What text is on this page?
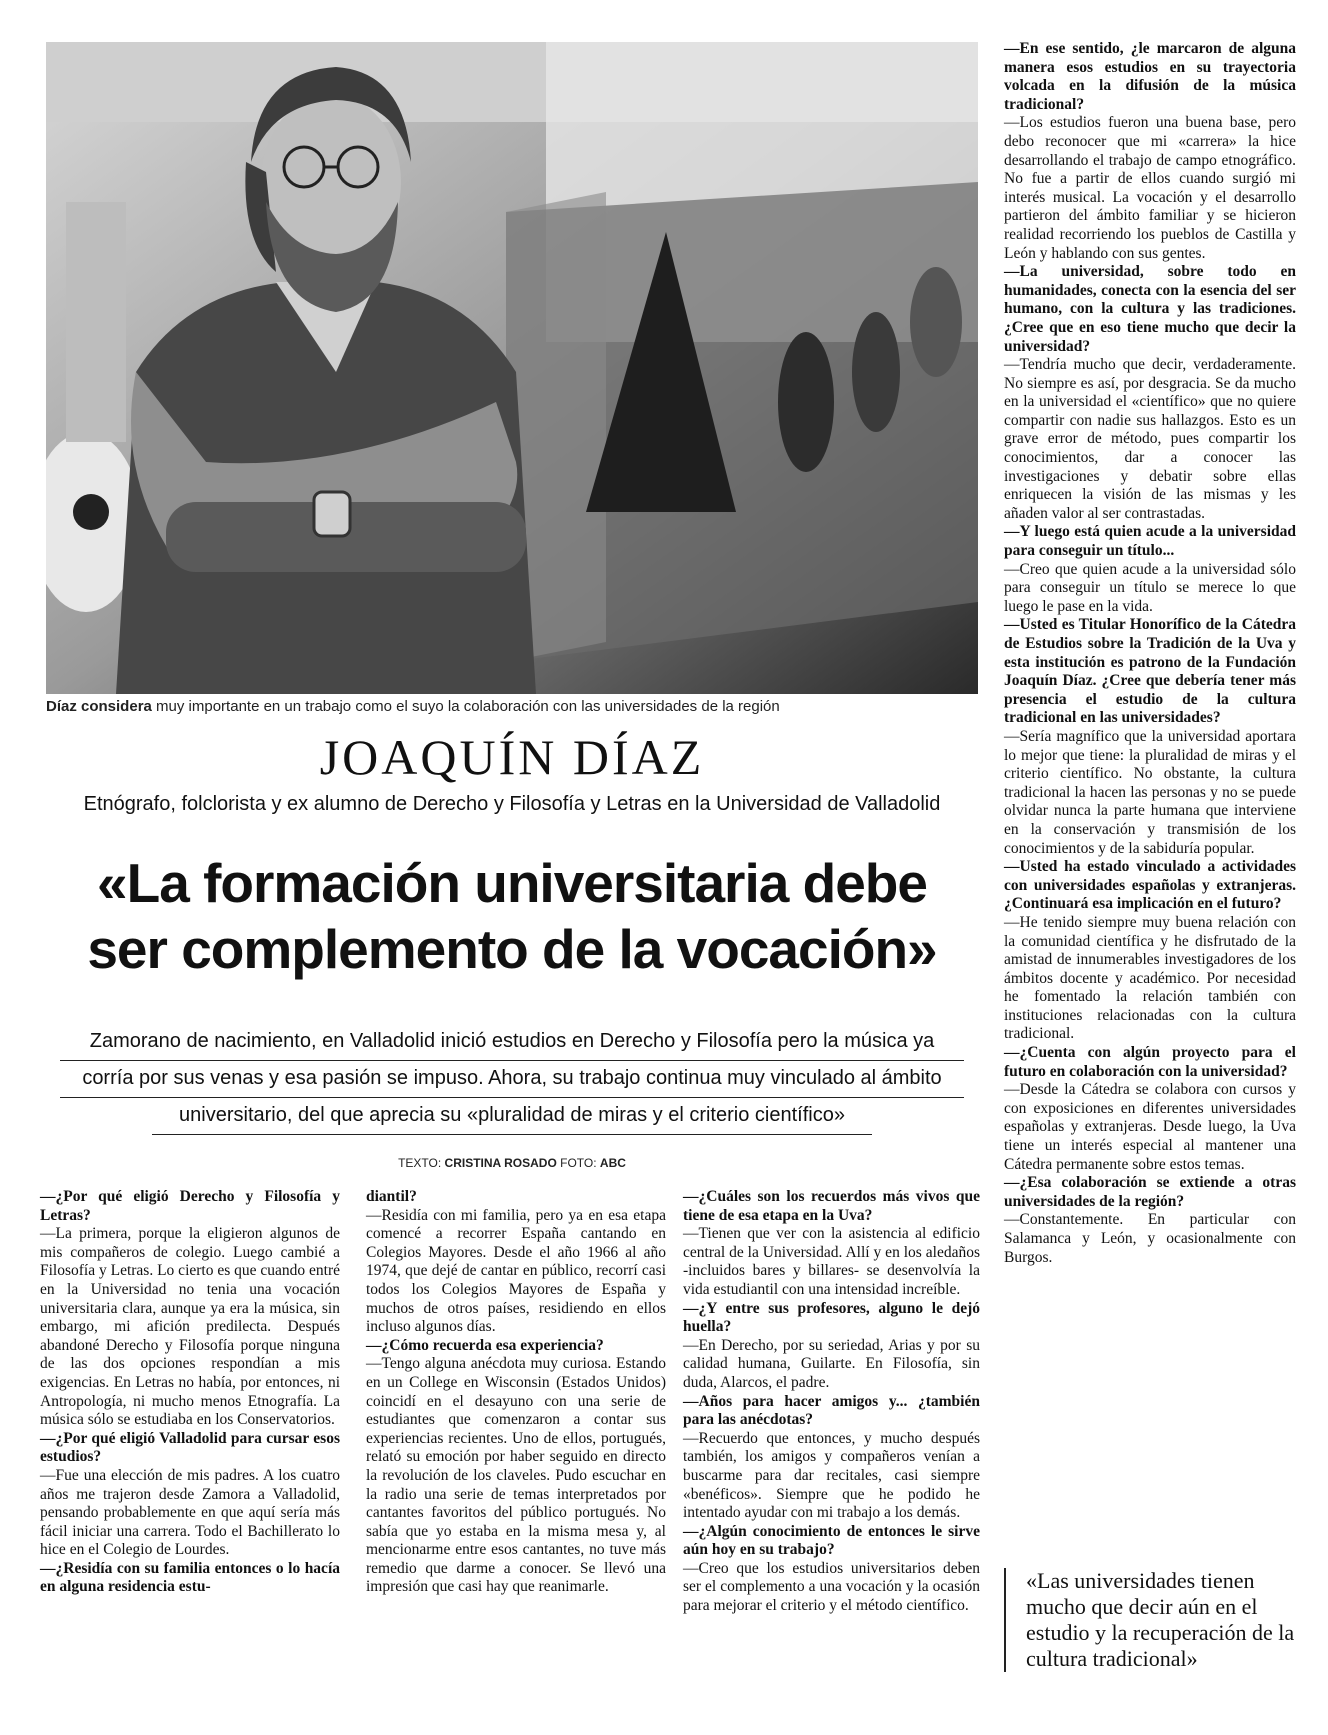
Díaz considera muy importante en un trabajo como el suyo la colaboración con las universidades de la región
JOAQUÍN DÍAZ
Etnógrafo, folclorista y ex alumno de Derecho y Filosofía y Letras en la Universidad de Valladolid
«La formación universitaria debe
ser complemento de la vocación»
Zamorano de nacimiento, en Valladolid inició estudios en Derecho y Filosofía pero la música ya
corría por sus venas y esa pasión se impuso. Ahora, su trabajo continua muy vinculado al ámbito
universitario, del que aprecia su «pluralidad de miras y el criterio científico»
TEXTO: CRISTINA ROSADO FOTO: ABC

—¿Por qué eligió Derecho y Filosofía y Letras?

—La primera, porque la eligieron algunos de mis compañeros de colegio. Luego cambié a Filosofía y Letras. Lo cierto es que cuando entré en la Universidad no tenia una vocación universitaria clara, aunque ya era la música, sin embargo, mi afición predilecta. Después abandoné Derecho y Filosofía porque ninguna de las dos opciones respondían a mis exigencias. En Letras no había, por entonces, ni Antropología, ni mucho menos Etnografía. La música sólo se estudiaba en los Conservatorios.

—¿Por qué eligió Valladolid para cursar esos estudios?

—Fue una elección de mis padres. A los cuatro años me trajeron desde Zamora a Valladolid, pensando probablemente en que aquí sería más fácil iniciar una carrera. Todo el Bachillerato lo hice en el Colegio de Lourdes.

—¿Residía con su familia entonces o lo hacía en alguna residencia estu-

diantil?

—Residía con mi familia, pero ya en esa etapa comencé a recorrer España cantando en Colegios Mayores. Desde el año 1966 al año 1974, que dejé de cantar en público, recorrí casi todos los Colegios Mayores de España y muchos de otros países, residiendo en ellos incluso algunos días.

—¿Cómo recuerda esa experiencia?

—Tengo alguna anécdota muy curiosa. Estando en un College en Wisconsin (Estados Unidos) coincidí en el desayuno con una serie de estudiantes que comenzaron a contar sus experiencias recientes. Uno de ellos, portugués, relató su emoción por haber seguido en directo la revolución de los claveles. Pudo escuchar en la radio una serie de temas interpretados por cantantes favoritos del público portugués. No sabía que yo estaba en la misma mesa y, al mencionarme entre esos cantantes, no tuve más remedio que darme a conocer. Se llevó una impresión que casi hay que reanimarle.

—¿Cuáles son los recuerdos más vivos que tiene de esa etapa en la Uva?

—Tienen que ver con la asistencia al edificio central de la Universidad. Allí y en los aledaños -incluidos bares y billares- se desenvolvía la vida estudiantil con una intensidad increíble.

—¿Y entre sus profesores, alguno le dejó huella?

—En Derecho, por su seriedad, Arias y por su calidad humana, Guilarte. En Filosofía, sin duda, Alarcos, el padre.

—Años para hacer amigos y... ¿también para las anécdotas?

—Recuerdo que entonces, y mucho después también, los amigos y compañeros venían a buscarme para dar recitales, casi siempre «benéficos». Siempre que he podido he intentado ayudar con mi trabajo a los demás.

—¿Algún conocimiento de entonces le sirve aún hoy en su trabajo?

—Creo que los estudios universitarios deben ser el complemento a una vocación y la ocasión para mejorar el criterio y el método científico.

—En ese sentido, ¿le marcaron de alguna manera esos estudios en su trayectoria volcada en la difusión de la música tradicional?

—Los estudios fueron una buena base, pero debo reconocer que mi «carrera» la hice desarrollando el trabajo de campo etnográfico. No fue a partir de ellos cuando surgió mi interés musical. La vocación y el desarrollo partieron del ámbito familiar y se hicieron realidad recorriendo los pueblos de Castilla y León y hablando con sus gentes.

—La universidad, sobre todo en humanidades, conecta con la esencia del ser humano, con la cultura y las tradiciones. ¿Cree que en eso tiene mucho que decir la universidad?

—Tendría mucho que decir, verdaderamente. No siempre es así, por desgracia. Se da mucho en la universidad el «científico» que no quiere compartir con nadie sus hallazgos. Esto es un grave error de método, pues compartir los conocimientos, dar a conocer las investigaciones y debatir sobre ellas enriquecen la visión de las mismas y les añaden valor al ser contrastadas.

—Y luego está quien acude a la universidad para conseguir un título...

—Creo que quien acude a la universidad sólo para conseguir un título se merece lo que luego le pase en la vida.

—Usted es Titular Honorífico de la Cátedra de Estudios sobre la Tradición de la Uva y esta institución es patrono de la Fundación Joaquín Díaz. ¿Cree que debería tener más presencia el estudio de la cultura tradicional en las universidades?

—Sería magnífico que la universidad aportara lo mejor que tiene: la pluralidad de miras y el criterio científico. No obstante, la cultura tradicional la hacen las personas y no se puede olvidar nunca la parte humana que interviene en la conservación y transmisión de los conocimientos y de la sabiduría popular.

—Usted ha estado vinculado a actividades con universidades españolas y extranjeras. ¿Continuará esa implicación en el futuro?

—He tenido siempre muy buena relación con la comunidad científica y he disfrutado de la amistad de innumerables investigadores de los ámbitos docente y académico. Por necesidad he fomentado la relación también con instituciones relacionadas con la cultura tradicional.

—¿Cuenta con algún proyecto para el futuro en colaboración con la universidad?

—Desde la Cátedra se colabora con cursos y con exposiciones en diferentes universidades españolas y extranjeras. Desde luego, la Uva tiene un interés especial al mantener una Cátedra permanente sobre estos temas.

—¿Esa colaboración se extiende a otras universidades de la región?

—Constantemente. En particular con Salamanca y León, y ocasionalmente con Burgos.

«Las universidades tienen mucho que decir aún en el estudio y la recuperación de la cultura tradicional»
